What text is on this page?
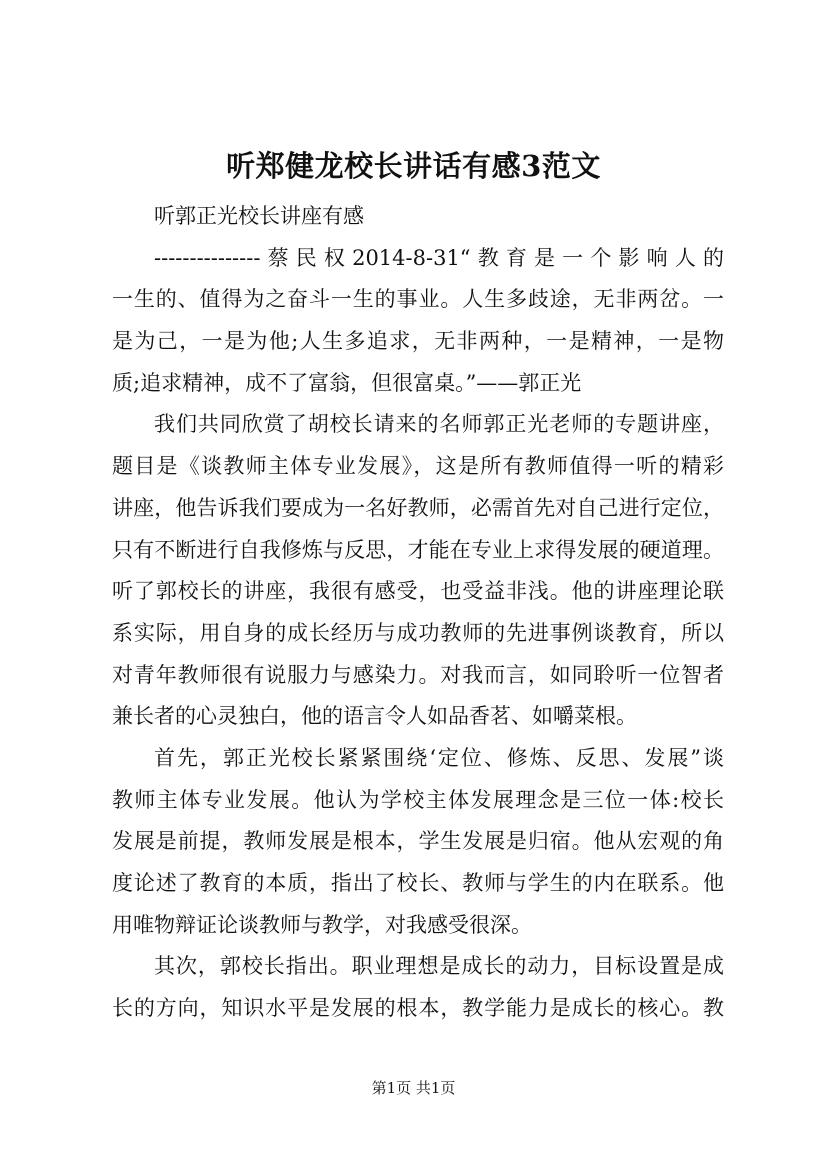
听郑健龙校长讲话有感3范文
听郭正光校长讲座有感
---------------蔡民权2014-8-31“教育是一个影响人的
一生的、值得为之奋斗一生的事业。人生多歧途，无非两岔。一
是为己，一是为他;人生多追求，无非两种，一是精神，一是物
质;追求精神，成不了富翁，但很富桌。”——郭正光
我们共同欣赏了胡校长请来的名师郭正光老师的专题讲座，
题目是《谈教师主体专业发展》，这是所有教师值得一听的精彩
讲座，他告诉我们要成为一名好教师，必需首先对自己进行定位，
只有不断进行自我修炼与反思，才能在专业上求得发展的硬道理。
听了郭校长的讲座，我很有感受，也受益非浅。他的讲座理论联
系实际，用自身的成长经历与成功教师的先进事例谈教育，所以
对青年教师很有说服力与感染力。对我而言，如同聆听一位智者
兼长者的心灵独白，他的语言令人如品香茗、如嚼菜根。
首先，郭正光校长紧紧围绕‘定位、修炼、反思、发展”谈
教师主体专业发展。他认为学校主体发展理念是三位一体:校长
发展是前提，教师发展是根本，学生发展是归宿。他从宏观的角
度论述了教育的本质，指出了校长、教师与学生的内在联系。他
用唯物辩证论谈教师与教学，对我感受很深。
其次，郭校长指出。职业理想是成长的动力，目标设置是成
长的方向，知识水平是发展的根本，教学能力是成长的核心。教
第1页 共1页
